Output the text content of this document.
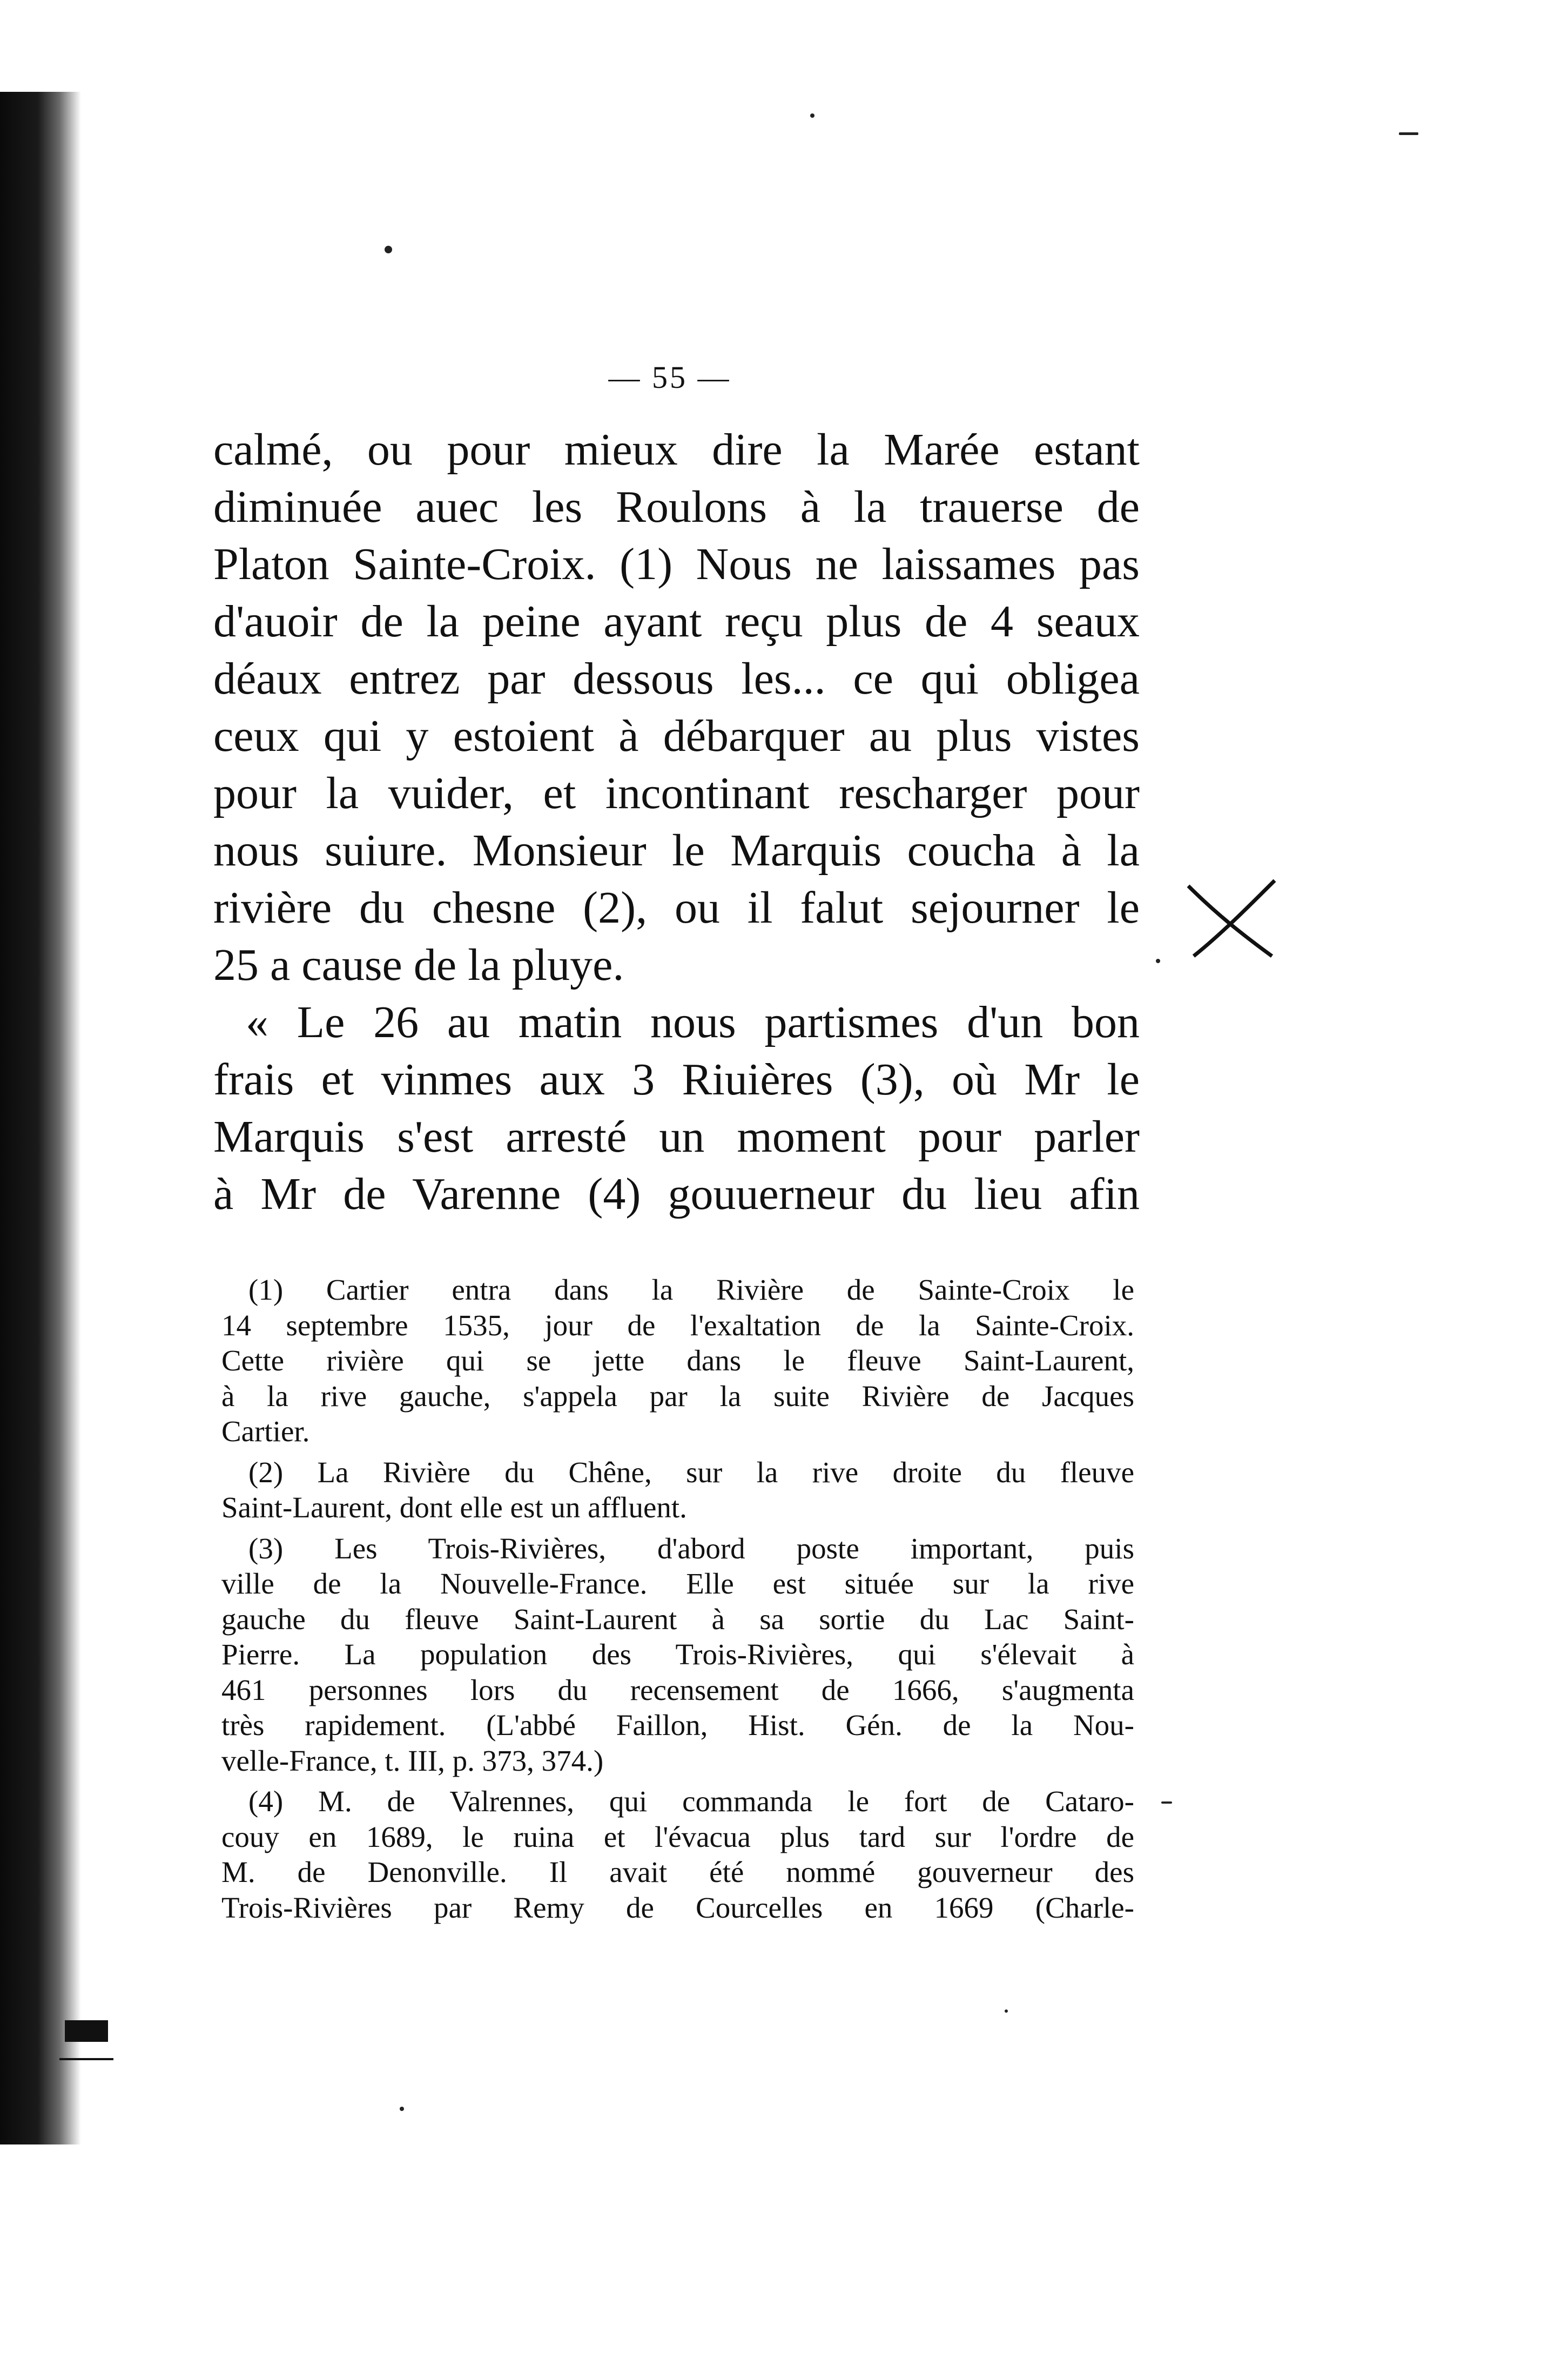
— 55 —
calmé, ou pour mieux dire la Marée estant
diminuée auec les Roulons à la trauerse de
Platon Sainte-Croix. (1) Nous ne laissames pas
d'auoir de la peine ayant reçu plus de 4 seaux
déaux entrez par dessous les... ce qui obligea
ceux qui y estoient à débarquer au plus vistes
pour la vuider, et incontinant rescharger pour
nous suiure. Monsieur le Marquis coucha à la
rivière du chesne (2), ou il falut sejourner le
25 a cause de la pluye.
« Le 26 au matin nous partismes d'un bon
frais et vinmes aux 3 Riuières (3), où Mr le
Marquis s'est arresté un moment pour parler
à Mr de Varenne (4) gouuerneur du lieu afin
(1) Cartier entra dans la Rivière de Sainte-Croix le
14 septembre 1535, jour de l'exaltation de la Sainte-Croix.
Cette rivière qui se jette dans le fleuve Saint-Laurent,
à la rive gauche, s'appela par la suite Rivière de Jacques
Cartier.
(2) La Rivière du Chêne, sur la rive droite du fleuve
Saint-Laurent, dont elle est un affluent.
(3) Les Trois-Rivières, d'abord poste important, puis
ville de la Nouvelle-France. Elle est située sur la rive
gauche du fleuve Saint-Laurent à sa sortie du Lac Saint-
Pierre. La population des Trois-Rivières, qui s'élevait à
461 personnes lors du recensement de 1666, s'augmenta
très rapidement. (L'abbé Faillon, Hist. Gén. de la Nou-
velle-France, t. III, p. 373, 374.)
(4) M. de Valrennes, qui commanda le fort de Cataro-
couy en 1689, le ruina et l'évacua plus tard sur l'ordre de
M. de Denonville. Il avait été nommé gouverneur des
Trois-Rivières par Remy de Courcelles en 1669 (Charle-
